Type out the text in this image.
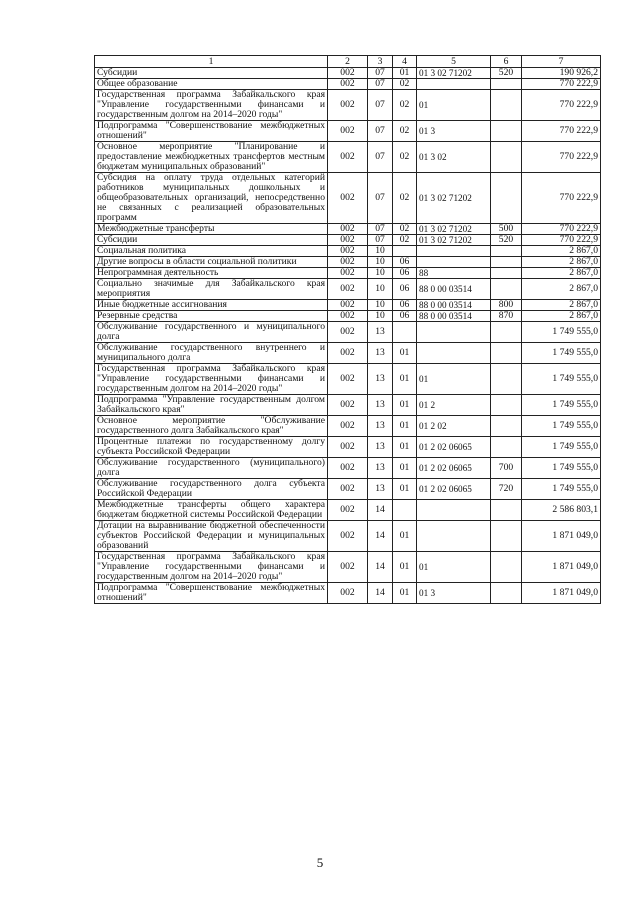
1	2	3	4	5	6	7
Субсидии	002	07	01	01 3 02 71202	520	190 926,2
Общее образование	002	07	02			770 222,9
Государственная программа Забайкальского края "Управление государственными финансами и государственным долгом на 2014–2020 годы"	002	07	02	01		770 222,9
Подпрограмма "Совершенствование межбюджетных отношений"	002	07	02	01 3		770 222,9
Основное мероприятие "Планирование и предоставление межбюджетных трансфертов местным бюджетам муниципальных образований"	002	07	02	01 3 02		770 222,9
Субсидия на оплату труда отдельных категорий работников муниципальных дошкольных и общеобразовательных организаций, непосредственно не связанных с реализацией образовательных программ	002	07	02	01 3 02 71202		770 222,9
Межбюджетные трансферты	002	07	02	01 3 02 71202	500	770 222,9
Субсидии	002	07	02	01 3 02 71202	520	770 222,9
Социальная политика	002	10				2 867,0
Другие вопросы в области социальной политики	002	10	06			2 867,0
Непрограммная деятельность	002	10	06	88		2 867,0
Социально значимые для Забайкальского края мероприятия	002	10	06	88 0 00 03514		2 867,0
Иные бюджетные ассигнования	002	10	06	88 0 00 03514	800	2 867,0
Резервные средства	002	10	06	88 0 00 03514	870	2 867,0
Обслуживание государственного и муниципального долга	002	13				1 749 555,0
Обслуживание государственного внутреннего и муниципального долга	002	13	01			1 749 555,0
Государственная программа Забайкальского края "Управление государственными финансами и государственным долгом на 2014–2020 годы"	002	13	01	01		1 749 555,0
Подпрограмма "Управление государственным долгом Забайкальского края"	002	13	01	01 2		1 749 555,0
Основное мероприятие "Обслуживание государственного долга Забайкальского края"	002	13	01	01 2 02		1 749 555,0
Процентные платежи по государственному долгу субъекта Российской Федерации	002	13	01	01 2 02 06065		1 749 555,0
Обслуживание государственного (муниципального) долга	002	13	01	01 2 02 06065	700	1 749 555,0
Обслуживание государственного долга субъекта Российской Федерации	002	13	01	01 2 02 06065	720	1 749 555,0
Межбюджетные трансферты общего характера бюджетам бюджетной системы Российской Федерации	002	14				2 586 803,1
Дотации на выравнивание бюджетной обеспеченности субъектов Российской Федерации и муниципальных образований	002	14	01			1 871 049,0
Государственная программа Забайкальского края "Управление государственными финансами и государственным долгом на 2014–2020 годы"	002	14	01	01		1 871 049,0
Подпрограмма "Совершенствование межбюджетных отношений"	002	14	01	01 3		1 871 049,0
5
